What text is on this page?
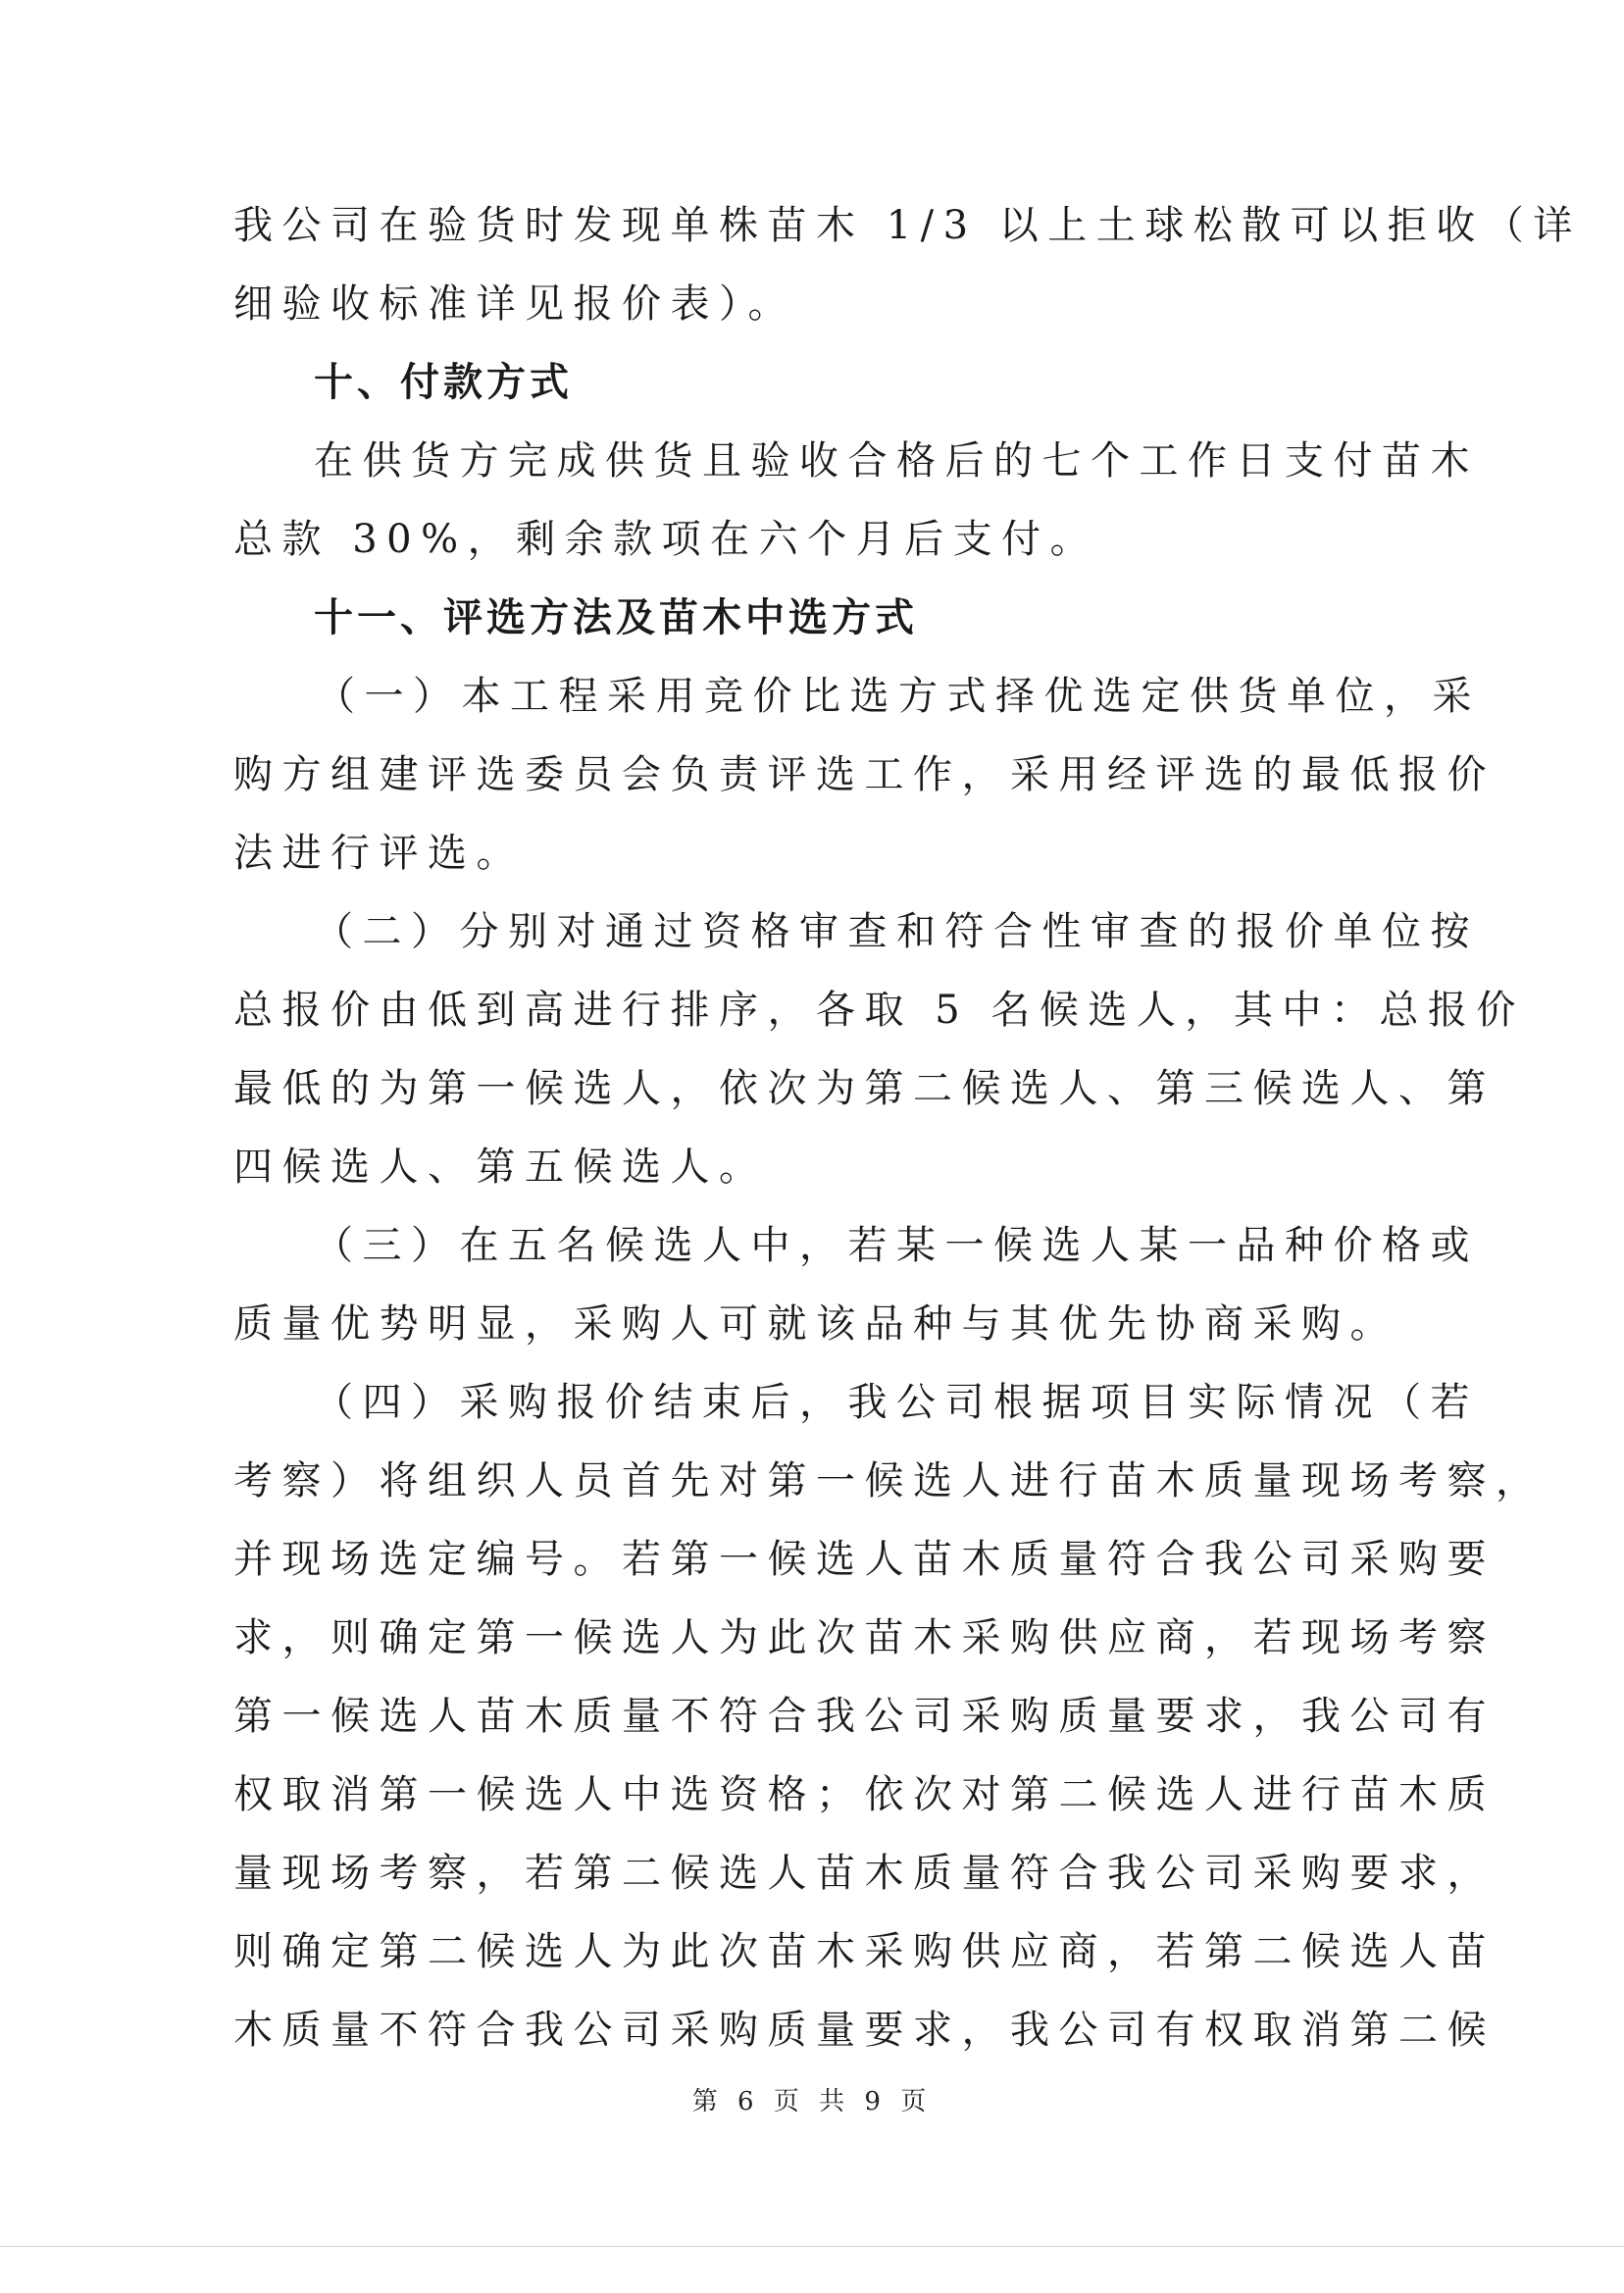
我公司在验货时发现单株苗木 1/3 以上土球松散可以拒收（详
细验收标准详见报价表）。
十、付款方式
在供货方完成供货且验收合格后的七个工作日支付苗木
总款 30%，剩余款项在六个月后支付。
十一、评选方法及苗木中选方式
（一）本工程采用竞价比选方式择优选定供货单位，采
购方组建评选委员会负责评选工作，采用经评选的最低报价
法进行评选。
（二）分别对通过资格审查和符合性审查的报价单位按
总报价由低到高进行排序，各取 5 名候选人，其中：总报价
最低的为第一候选人，依次为第二候选人、第三候选人、第
四候选人、第五候选人。
（三）在五名候选人中，若某一候选人某一品种价格或
质量优势明显，采购人可就该品种与其优先协商采购。
（四）采购报价结束后，我公司根据项目实际情况（若
考察）将组织人员首先对第一候选人进行苗木质量现场考察，
并现场选定编号。若第一候选人苗木质量符合我公司采购要
求，则确定第一候选人为此次苗木采购供应商，若现场考察
第一候选人苗木质量不符合我公司采购质量要求，我公司有
权取消第一候选人中选资格；依次对第二候选人进行苗木质
量现场考察，若第二候选人苗木质量符合我公司采购要求，
则确定第二候选人为此次苗木采购供应商，若第二候选人苗
木质量不符合我公司采购质量要求，我公司有权取消第二候
第 6 页 共 9 页
